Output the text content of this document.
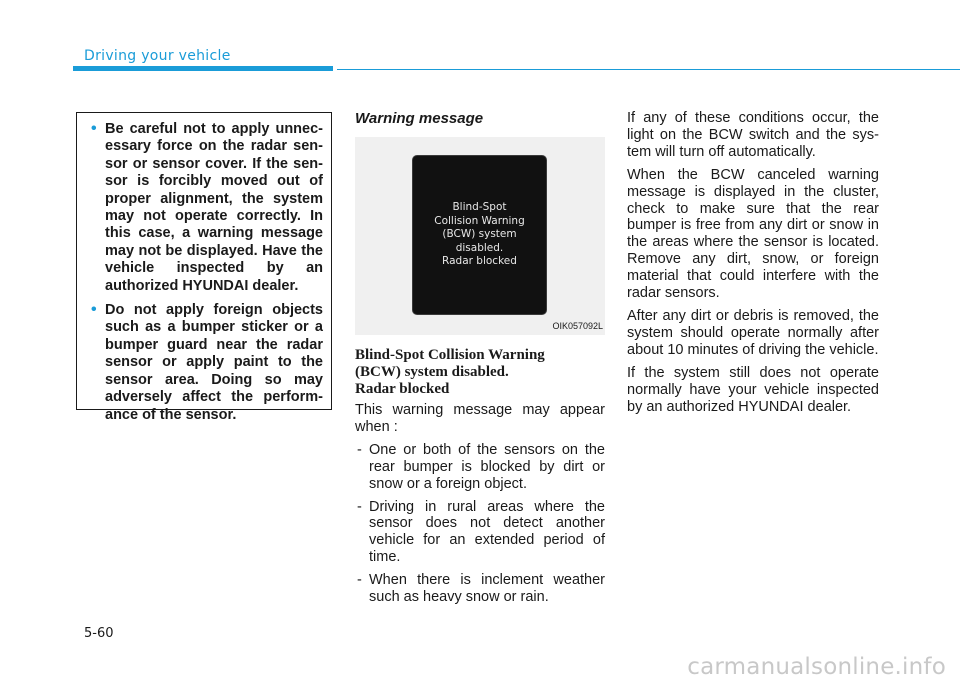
Driving your vehicle
• Be careful not to apply unnec-essary force on the radar sen-sor or sensor cover. If the sen-sor is forcibly moved out of proper alignment, the system may not operate correctly. In this case, a warning message may not be displayed. Have the vehicle inspected by an authorized HYUNDAI dealer.
• Do not apply foreign objects such as a bumper sticker or a bumper guard near the radar sensor or apply paint to the sensor area. Doing so may adversely affect the perform-ance of the sensor.
Warning message
Blind-Spot
Collision Warning
(BCW) system
disabled.
Radar blocked
OIK057092L
Blind-Spot Collision Warning
(BCW) system disabled.
Radar blocked

This warning message may appear when :

- One or both of the sensors on the rear bumper is blocked by dirt or snow or a foreign object.
- Driving in rural areas where the sensor does not detect another vehicle for an extended period of time.
- When there is inclement weather such as heavy snow or rain.

If any of these conditions occur, the light on the BCW switch and the sys-tem will turn off automatically.

When the BCW canceled warning message is displayed in the cluster, check to make sure that the rear bumper is free from any dirt or snow in the areas where the sensor is located. Remove any dirt, snow, or foreign material that could interfere with the radar sensors.

After any dirt or debris is removed, the system should operate normally after about 10 minutes of driving the vehicle.

If the system still does not operate normally have your vehicle inspected by an authorized HYUNDAI dealer.

5-60
carmanualsonline.info
